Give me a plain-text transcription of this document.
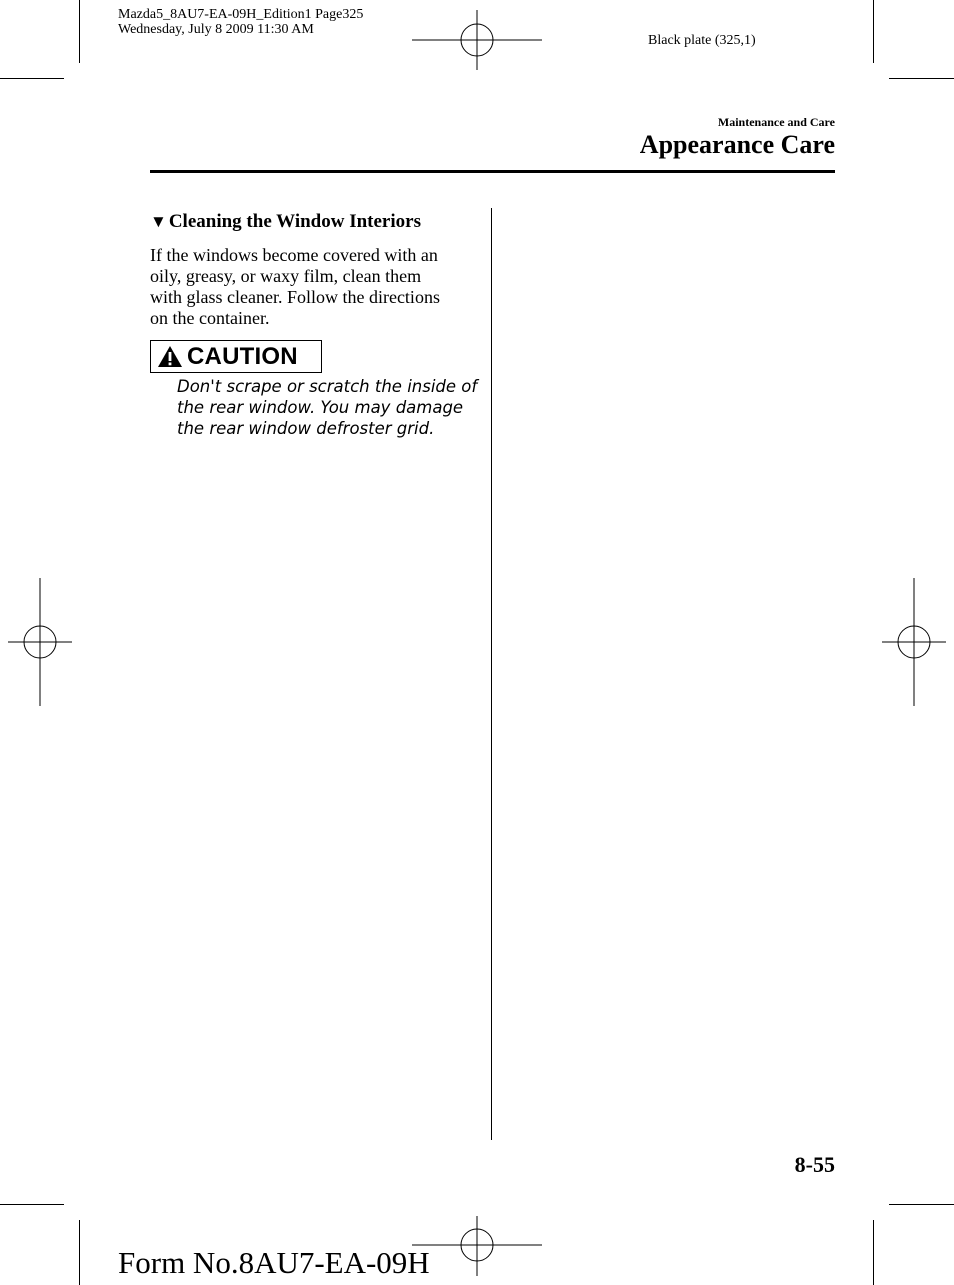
Mazda5_8AU7-EA-09H_Edition1 Page325
Wednesday, July 8 2009 11:30 AM
Black plate (325,1)
Maintenance and Care
Appearance Care
▼ Cleaning the Window Interiors
If the windows become covered with an
oily, greasy, or waxy film, clean them
with glass cleaner. Follow the directions
on the container.
CAUTION
Don't scrape or scratch the inside of
the rear window. You may damage
the rear window defroster grid.
8-55
Form No.8AU7-EA-09H
